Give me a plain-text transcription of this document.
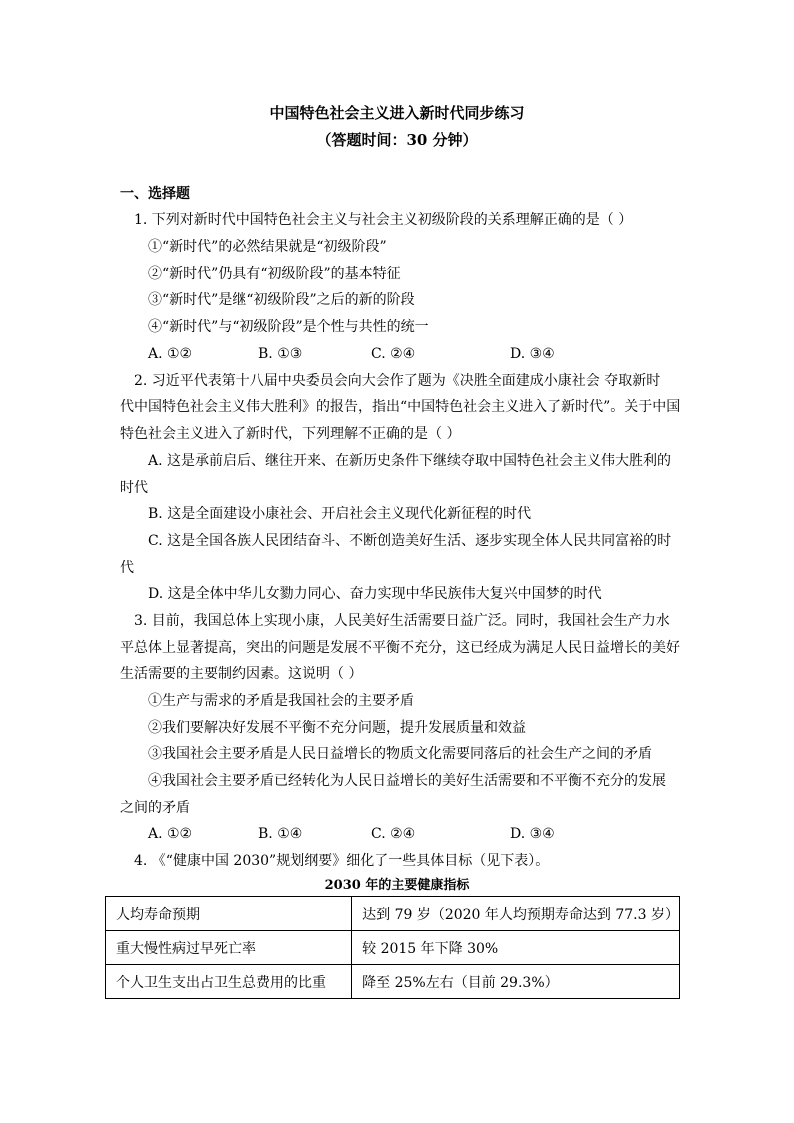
中国特色社会主义进入新时代同步练习
（答题时间：30 分钟）
一、选择题
1. 下列对新时代中国特色社会主义与社会主义初级阶段的关系理解正确的是（ ）
①“新时代”的必然结果就是“初级阶段”
②“新时代”仍具有“初级阶段”的基本特征
③“新时代”是继“初级阶段”之后的新的阶段
④“新时代”与“初级阶段”是个性与共性的统一
A. ①②	B. ①③	C. ②④	D. ③④
2. 习近平代表第十八届中央委员会向大会作了题为《决胜全面建成小康社会 夺取新时
代中国特色社会主义伟大胜利》的报告，指出“中国特色社会主义进入了新时代”。关于中国
特色社会主义进入了新时代，下列理解不正确的是（ ）
A. 这是承前启后、继往开来、在新历史条件下继续夺取中国特色社会主义伟大胜利的
时代
B. 这是全面建设小康社会、开启社会主义现代化新征程的时代
C. 这是全国各族人民团结奋斗、不断创造美好生活、逐步实现全体人民共同富裕的时
代
D. 这是全体中华儿女勠力同心、奋力实现中华民族伟大复兴中国梦的时代
3. 目前，我国总体上实现小康，人民美好生活需要日益广泛。同时，我国社会生产力水
平总体上显著提高，突出的问题是发展不平衡不充分，这已经成为满足人民日益增长的美好
生活需要的主要制约因素。这说明（ ）
①生产与需求的矛盾是我国社会的主要矛盾
②我们要解决好发展不平衡不充分问题，提升发展质量和效益
③我国社会主要矛盾是人民日益增长的物质文化需要同落后的社会生产之间的矛盾
④我国社会主要矛盾已经转化为人民日益增长的美好生活需要和不平衡不充分的发展
之间的矛盾
A. ①②	B. ①④	C. ②④	D. ③④
4. 《“健康中国 2030”规划纲要》细化了一些具体目标（见下表）。
2030 年的主要健康指标
人均寿命预期	达到 79 岁（2020 年人均预期寿命达到 77.3 岁）
重大慢性病过早死亡率	较 2015 年下降 30%
个人卫生支出占卫生总费用的比重	降至 25%左右（目前 29.3%）
